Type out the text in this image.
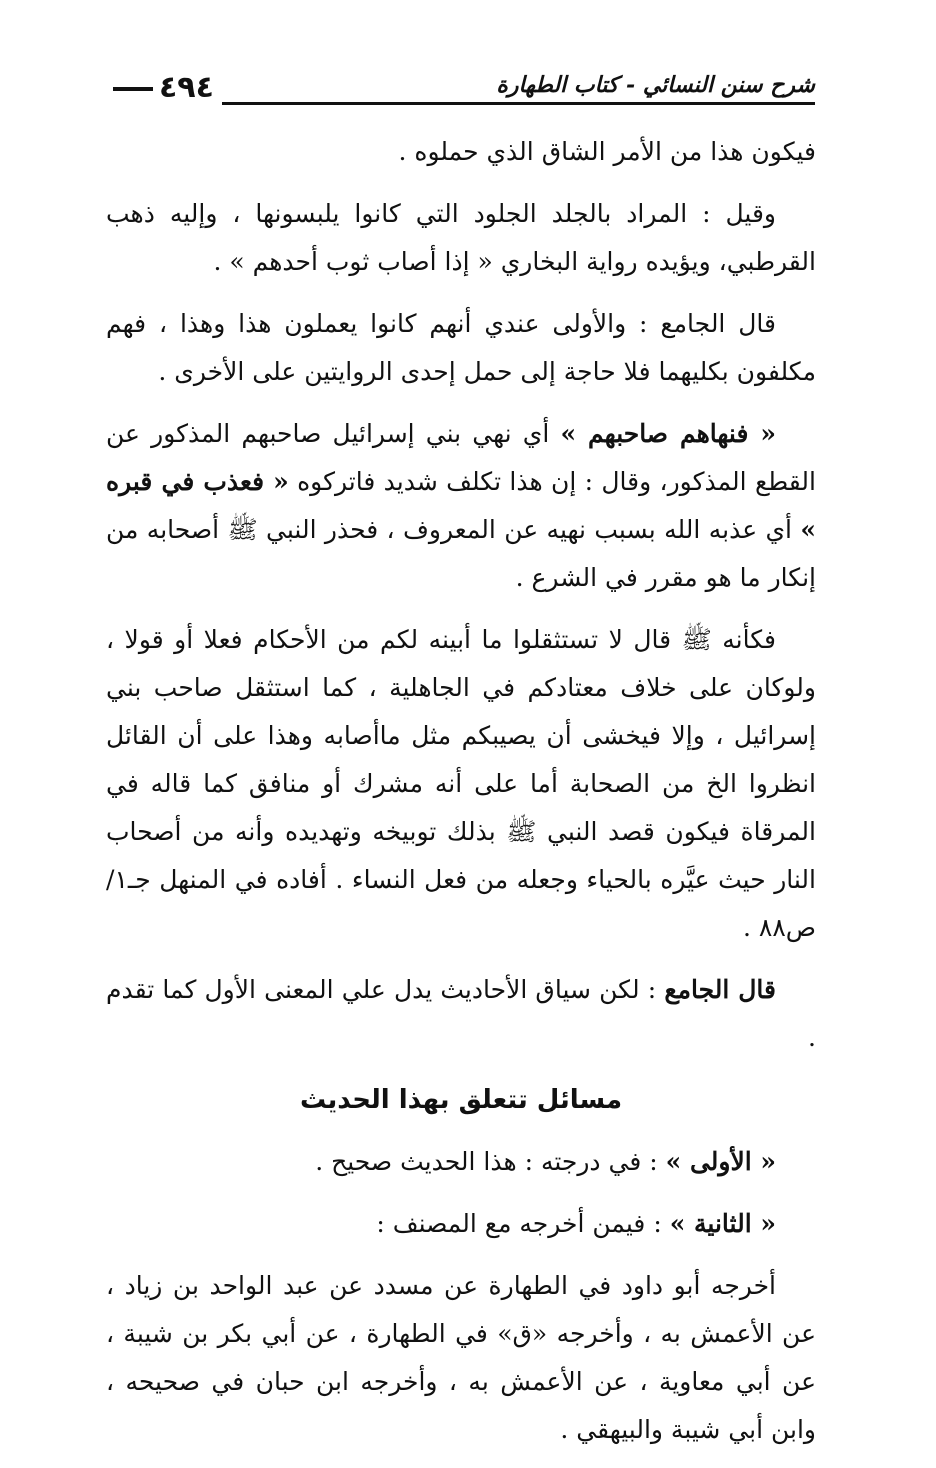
شرح سنن النسائي - كتاب الطهارة
٤٩٤

فيكون هذا من الأمر الشاق الذي حملوه .

وقيل : المراد بالجلد الجلود التي كانوا يلبسونها ، وإليه ذهب القرطبي، ويؤيده رواية البخاري « إذا أصاب ثوب أحدهم » .

قال الجامع : والأولى عندي أنهم كانوا يعملون هذا وهذا ، فهم مكلفون بكليهما فلا حاجة إلى حمل إحدى الروايتين على الأخرى .

« فنهاهم صاحبهم » أي نهي بني إسرائيل صاحبهم المذكور عن القطع المذكور، وقال : إن هذا تكلف شديد فاتركوه « فعذب في قبره » أي عذبه الله بسبب نهيه عن المعروف ، فحذر النبي ﷺ أصحابه من إنكار ما هو مقرر في الشرع .

فكأنه ﷺ قال لا تستثقلوا ما أبينه لكم من الأحكام فعلا أو قولا ، ولوكان على خلاف معتادكم في الجاهلية ، كما استثقل صاحب بني إسرائيل ، وإلا فيخشى أن يصيبكم مثل ماأصابه وهذا على أن القائل انظروا الخ من الصحابة أما على أنه مشرك أو منافق كما قاله في المرقاة فيكون قصد النبي ﷺ بذلك توبيخه وتهديده وأنه من أصحاب النار حيث عيَّره بالحياء وجعله من فعل النساء . أفاده في المنهل جـ١/ ص٨٨ .

قال الجامع : لكن سياق الأحاديث يدل علي المعنى الأول كما تقدم .

مسائل تتعلق بهذا الحديث

« الأولى » : في درجته : هذا الحديث صحيح .

« الثانية » : فيمن أخرجه مع المصنف :

أخرجه أبو داود في الطهارة عن مسدد عن عبد الواحد بن زياد ، عن الأعمش به ، وأخرجه «ق» في الطهارة ، عن أبي بكر بن شيبة ، عن أبي معاوية ، عن الأعمش به ، وأخرجه ابن حبان في صحيحه ، وابن أبي شيبة والبيهقي .
